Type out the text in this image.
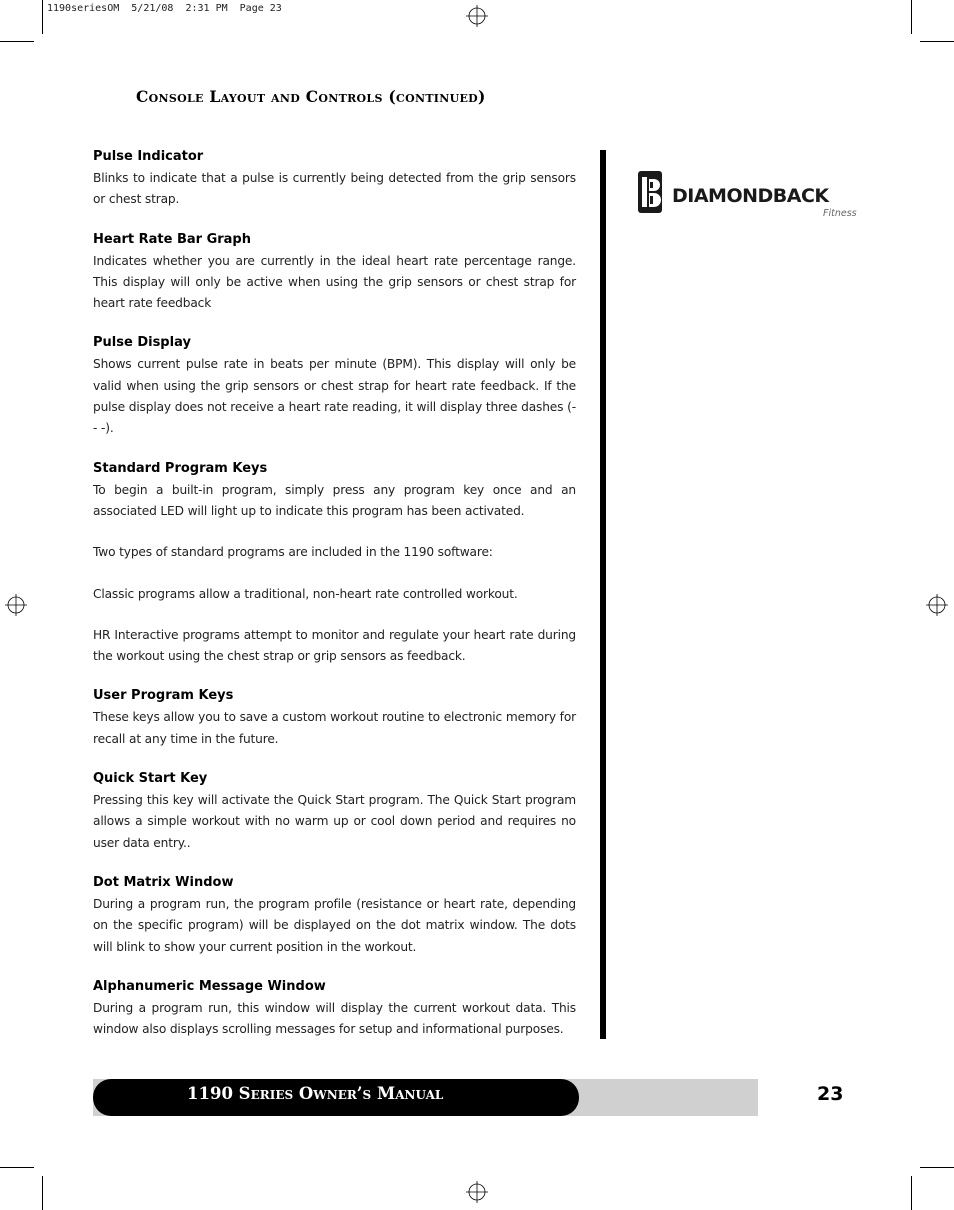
1190seriesOM  5/21/08  2:31 PM  Page 23
Console Layout and Controls (continued)
Pulse Indicator

Blinks to indicate that a pulse is currently being detected from the grip sensors or chest strap.

Heart Rate Bar Graph

Indicates whether you are currently in the ideal heart rate percentage range. This display will only be active when using the grip sensors or chest strap for heart rate feedback

Pulse Display

Shows current pulse rate in beats per minute (BPM). This display will only be valid when using the grip sensors or chest strap for heart rate feedback. If the pulse display does not receive a heart rate reading, it will display three dashes (- - -).

Standard Program Keys

To begin a built-in program, simply press any program key once and an associated LED will light up to indicate this program has been activated.

Two types of standard programs are included in the 1190 software:

Classic programs allow a traditional, non-heart rate controlled workout.

HR Interactive programs attempt to monitor and regulate your heart rate during the workout using the chest strap or grip sensors as feedback.

User Program Keys

These keys allow you to save a custom workout routine to electronic memory for recall at any time in the future.

Quick Start Key

Pressing this key will activate the Quick Start program. The Quick Start program allows a simple workout with no warm up or cool down period and requires no user data entry..

Dot Matrix Window

During a program run, the program profile (resistance or heart rate, depending on the specific program) will be displayed on the dot matrix window. The dots will blink to show your current position in the workout.

Alphanumeric Message Window

During a program run, this window will display the current workout data. This window also displays scrolling messages for setup and informational purposes.

DIAMONDBACK
Fitness
1190 Series Owner’s Manual	23
